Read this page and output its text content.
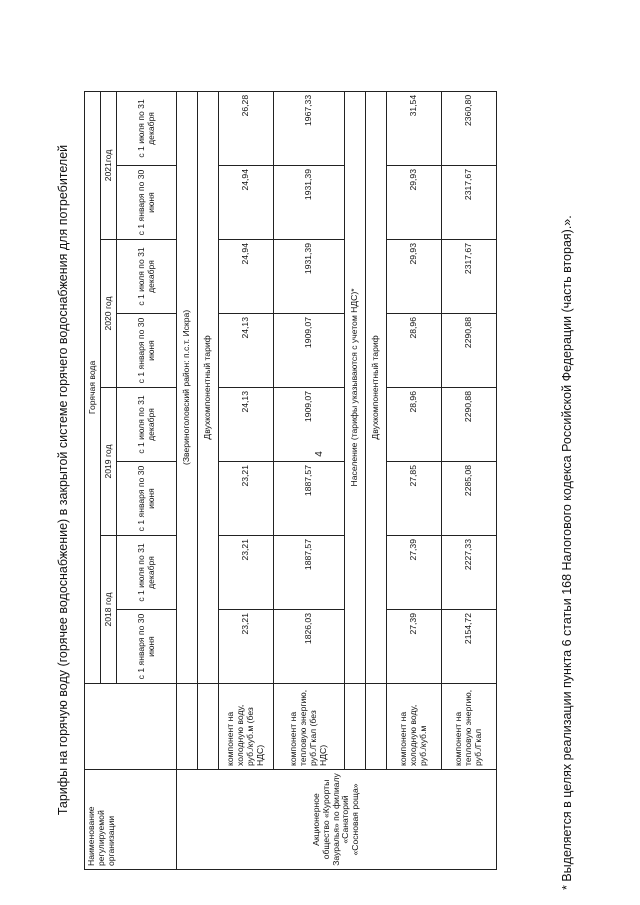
4
Тарифы на горячую воду (горячее водоснабжение) в закрытой системе горячего водоснабжения для потребителей
Наименование регулируемой организации		Горячая вода							
		2018 год		2019 год		2020 год		2021год	
		с 1 января по 30 июня	с 1 июля по 31 декабря	с 1 января по 30 июня	с 1 июля по 31 декабря	с 1 января по 30 июня	с 1 июля по 31 декабря	с 1 января по 30 июня	с 1 июля по 31 декабря
Акционерное общество «Курорты Зауралья» по филиалу «Санаторий «Сосновая роща»		(Звериноголовский район: п.с.т. Искра)							
		Двухкомпонентный тариф							
	компонент на холодную воду, руб./куб.м (без НДС)	23,21	23,21	23,21	24,13	24,13	24,94	24,94	26,28
	компонент на тепловую энергию, руб./Гкал (без НДС)	1826,03	1887,57	1887,57	1909,07	1909,07	1931,39	1931,39	1967,33
		Население (тарифы указываются с учетом НДС)*							
		Двухкомпонентный тариф							
	компонент на холодную воду, руб./куб.м	27,39	27,39	27,85	28,96	28,96	29,93	29,93	31,54
	компонент на тепловую энергию, руб./Гкал	2154,72	2227,33	2285,08	2290,88	2290,88	2317,67	2317,67	2360,80
* Выделяется в целях реализации пункта 6 статьи 168 Налогового кодекса Российской Федерации (часть вторая).».
